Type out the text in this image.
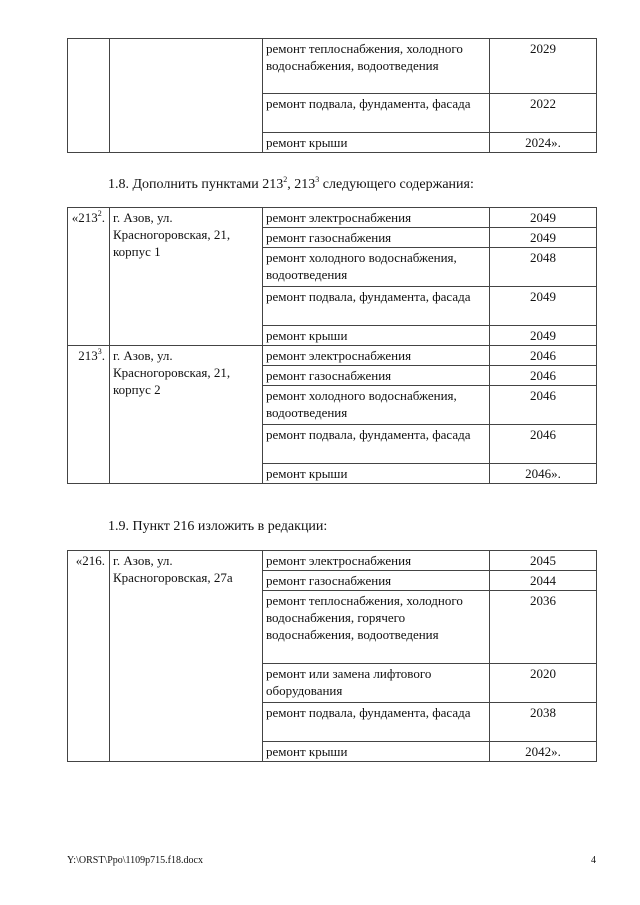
		ремонт теплоснабжения, холодного водоснабжения, водоотведения	2029
		ремонт подвала, фундамента, фасада	2022
		ремонт крыши	2024».
1.8. Дополнить пунктами $213^2$, $213^3$ следующего содержания:
«$213^2$.	г. Азов, ул. Красногоровская, 21, корпус 1	ремонт электроснабжения	2049
		ремонт газоснабжения	2049
		ремонт холодного водоснабжения, водоотведения	2048
		ремонт подвала, фундамента, фасада	2049
		ремонт крыши	2049
$213^3$.	г. Азов, ул. Красногоровская, 21, корпус 2	ремонт электроснабжения	2046
		ремонт газоснабжения	2046
		ремонт холодного водоснабжения, водоотведения	2046
		ремонт подвала, фундамента, фасада	2046
		ремонт крыши	2046».
1.9. Пункт 216 изложить в редакции:
«216.	г. Азов, ул. Красногоровская, 27а	ремонт электроснабжения	2045
		ремонт газоснабжения	2044
		ремонт теплоснабжения, холодного водоснабжения, горячего водоснабжения, водоотведения	2036
		ремонт или замена лифтового оборудования	2020
		ремонт подвала, фундамента, фасада	2038
		ремонт крыши	2042».
Y:\ORST\Ppo\1109p715.f18.docx	4
